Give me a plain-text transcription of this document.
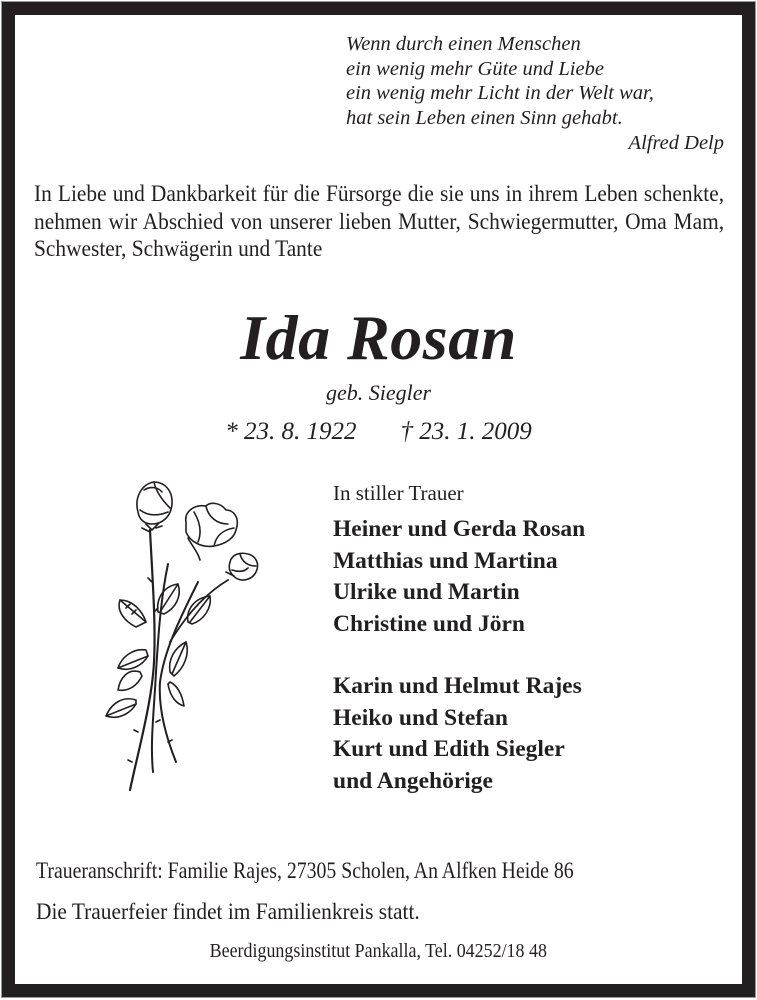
Wenn durch einen Menschen
ein wenig mehr Güte und Liebe
ein wenig mehr Licht in der Welt war,
hat sein Leben einen Sinn gehabt.
Alfred Delp
In Liebe und Dankbarkeit für die Fürsorge die sie uns in ihrem Leben schenkte, nehmen wir Abschied von unserer lieben Mutter, Schwiegermutter, Oma Mam, Schwester, Schwägerin und Tante
Ida Rosan
geb. Siegler
* 23. 8. 1922 † 23. 1. 2009
In stiller Trauer
Heiner und Gerda Rosan
Matthias und Martina
Ulrike und Martin
Christine und Jörn
Karin und Helmut Rajes
Heiko und Stefan
Kurt und Edith Siegler
und Angehörige
Traueranschrift: Familie Rajes, 27305 Scholen, An Alfken Heide 86
Die Trauerfeier findet im Familienkreis statt.
Beerdigungsinstitut Pankalla, Tel. 04252/18 48
